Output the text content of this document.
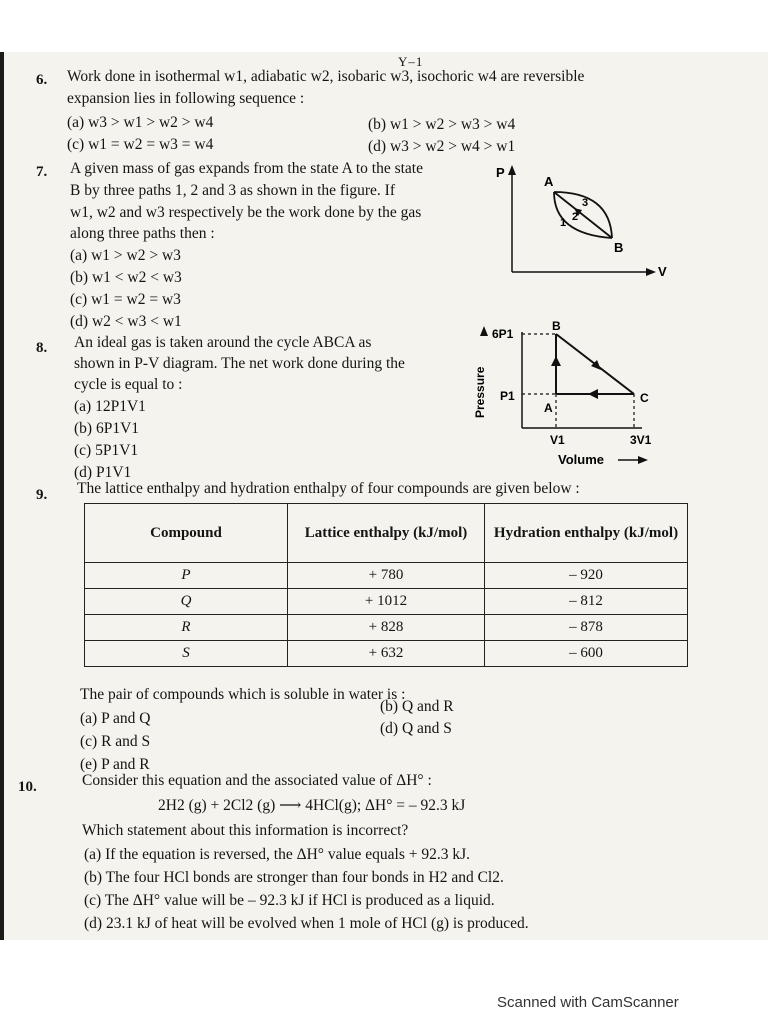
Y–1
6. Work done in isothermal w1, adiabatic w2, isobaric w3, isochoric w4 are reversible
expansion lies in following sequence :
(a) w3 > w1 > w2 > w4	(b) w1 > w2 > w3 > w4
(c) w1 = w2 = w3 = w4	(d) w3 > w2 > w4 > w1
7. A given mass of gas expands from the state A to the state
B by three paths 1, 2 and 3 as shown in the figure. If
w1, w2 and w3 respectively be the work done by the gas
along three paths then :
(a) w1 > w2 > w3
(b) w1 < w2 < w3
(c) w1 = w2 = w3
(d) w2 < w3 < w1
P
V
A
B
1 2
3
8. An ideal gas is taken around the cycle ABCA as
shown in P-V diagram. The net work done during the
cycle is equal to :
(a) 12P1V1
(b) 6P1V1
(c) 5P1V1
(d) P1V1
Pressure
6P1
P1
V1	3V1
Volume
A
B
C
9. The lattice enthalpy and hydration enthalpy of four compounds are given below :
Compound	Lattice enthalpy (kJ/mol)	Hydration enthalpy (kJ/mol)
P	+ 780	– 920
Q	+ 1012	– 812
R	+ 828	– 878
S	+ 632	– 600
The pair of compounds which is soluble in water is :
(a) P and Q
(b) Q and R
(c) R and S
(d) Q and S
(e) P and R
10.	Consider this equation and the associated value of ΔH° :
2H2 (g) + 2Cl2 (g) ⟶ 4HCl(g); ΔH° = – 92.3 kJ
Which statement about this information is incorrect?
(a) If the equation is reversed, the ΔH° value equals + 92.3 kJ.
(b) The four HCl bonds are stronger than four bonds in H2 and Cl2.
(c) The ΔH° value will be – 92.3 kJ if HCl is produced as a liquid.
(d) 23.1 kJ of heat will be evolved when 1 mole of HCl (g) is produced.
Scanned with CamScanner
